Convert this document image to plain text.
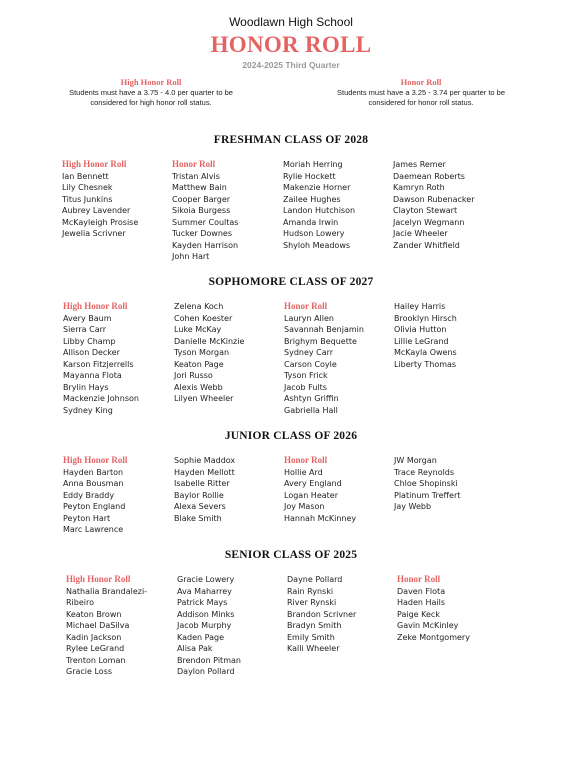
Woodlawn High School
HONOR ROLL
2024-2025 Third Quarter
High Honor Roll
Students must have a 3.75 - 4.0 per quarter to be considered for high honor roll status.
Honor Roll
Students must have a 3.25 - 3.74 per quarter to be considered for honor roll status.
FRESHMAN CLASS OF 2028
High Honor Roll
Ian Bennett
Lily Chesnek
Titus Junkins
Aubrey Lavender
McKayleigh Prosise
Jewelia Scrivner
Honor Roll
Tristan Alvis
Matthew Bain
Cooper Barger
Sikoia Burgess
Summer Coultas
Tucker Downes
Kayden Harrison
John Hart
Moriah Herring
Rylie Hockett
Makenzie Horner
Zailee Hughes
Landon Hutchison
Amanda Irwin
Hudson Lowery
Shyloh Meadows
James Remer
Daemean Roberts
Kamryn Roth
Dawson Rubenacker
Clayton Stewart
Jacelyn Wegmann
Jacie Wheeler
Zander Whitfield
SOPHOMORE CLASS OF 2027
High Honor Roll
Avery Baum
Sierra Carr
Libby Champ
Allison Decker
Karson Fitzjerrells
Mayanna Flota
Brylin Hays
Mackenzie Johnson
Sydney King
Zelena Koch
Cohen Koester
Luke McKay
Danielle McKinzie
Tyson Morgan
Keaton Page
Jori Russo
Alexis Webb
Lilyen Wheeler
Honor Roll
Lauryn Allen
Savannah Benjamin
Brighym Bequette
Sydney Carr
Carson Coyle
Tyson Frick
Jacob Fults
Ashtyn Griffin
Gabriella Hall
Hailey Harris
Brooklyn Hirsch
Olivia Hutton
Lillie LeGrand
McKayla Owens
Liberty Thomas
JUNIOR CLASS OF 2026
High Honor Roll
Hayden Barton
Anna Bousman
Eddy Braddy
Peyton England
Peyton Hart
Marc Lawrence
Sophie Maddox
Hayden Mellott
Isabelle Ritter
Baylor Rollie
Alexa Severs
Blake Smith
Honor Roll
Hollie Ard
Avery England
Logan Heater
Joy Mason
Hannah McKinney
JW Morgan
Trace Reynolds
Chloe Shopinski
Platinum Treffert
Jay Webb
SENIOR CLASS OF 2025
High Honor Roll
Nathalia Brandalezi-
Ribeiro
Keaton Brown
Michael DaSilva
Kadin Jackson
Rylee LeGrand
Trenton Loman
Gracie Loss
Gracie Lowery
Ava Maharrey
Patrick Mays
Addison Minks
Jacob Murphy
Kaden Page
Alisa Pak
Brendon Pitman
Daylon Pollard
Dayne Pollard
Rain Rynski
River Rynski
Brandon Scrivner
Bradyn Smith
Emily Smith
Kalli Wheeler
Honor Roll
Daven Flota
Haden Hails
Paige Keck
Gavin McKinley
Zeke Montgomery
